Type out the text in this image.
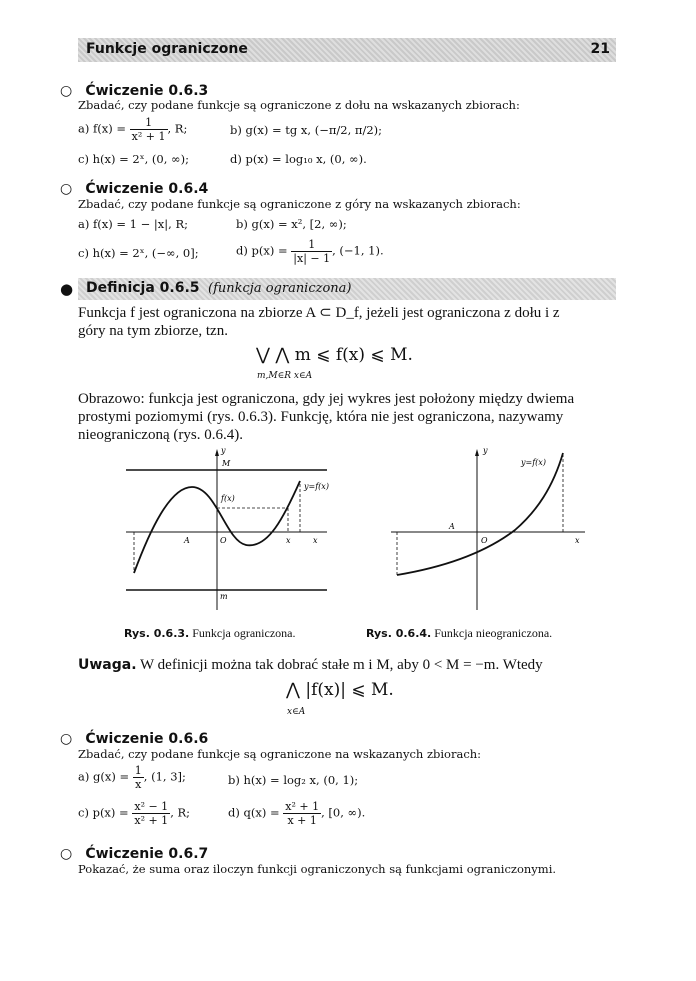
Funkcje ograniczone	21
○ Ćwiczenie 0.6.3
Zbadać, czy podane funkcje są ograniczone z dołu na wskazanych zbiorach:
a) $f(x) = \frac{1}{\text{x² + 1}}$ , R;	b) g(x) = tg x, (−π/2, π/2);
c) h(x) = 2ˣ, (0, ∞);	d) p(x) = log₁₀ x, (0, ∞).
○ Ćwiczenie 0.6.4
Zbadać, czy podane funkcje są ograniczone z góry na wskazanych zbiorach:
a) f(x) = 1 − |x|, R;	b) g(x) = x², [2, ∞);
c) h(x) = 2ˣ, (−∞, 0];	d) $p(x) = \frac{1}{|x| - 1}$ , (−1, 1).
● Definicja 0.6.5 (funkcja ograniczona)
Funkcja f jest ograniczona na zbiorze A ⊂ D_f, jeżeli jest ograniczona z dołu i z
góry na tym zbiorze, tzn.
⋁ ⋀ m ⩽ f(x) ⩽ M.
m,M∈R x∈A
Obrazowo: funkcja jest ograniczona, gdy jej wykres jest położony między dwiema
prostymi poziomymi (rys. 0.6.3). Funkcję, która nie jest ograniczona, nazywamy
nieograniczoną (rys. 0.6.4).
y
M
f(x)
y=f(x)
A	O	x	x
m
y
y=f(x)
A
O	x
Rys. 0.6.3. Funkcja ograniczona.	Rys. 0.6.4. Funkcja nieograniczona.
Uwaga. W definicji można tak dobrać stałe m i M, aby 0 < M = −m. Wtedy
⋀ |f(x)| ⩽ M.
x∈A
○ Ćwiczenie 0.6.6
Zbadać, czy podane funkcje są ograniczone na wskazanych zbiorach:
a) $g(x) = \frac{1}{x}$ , (1, 3];	b) h(x) = log₂ x, (0, 1);
c) $p(x) = \frac{\text{x² − 1}}{\text{x² + 1}}$ , R;	d) $q(x) = \frac{\text{x² + 1}}{x + 1}$ , [0, ∞).
○ Ćwiczenie 0.6.7
Pokazać, że suma oraz iloczyn funkcji ograniczonych są funkcjami ograniczonymi.
